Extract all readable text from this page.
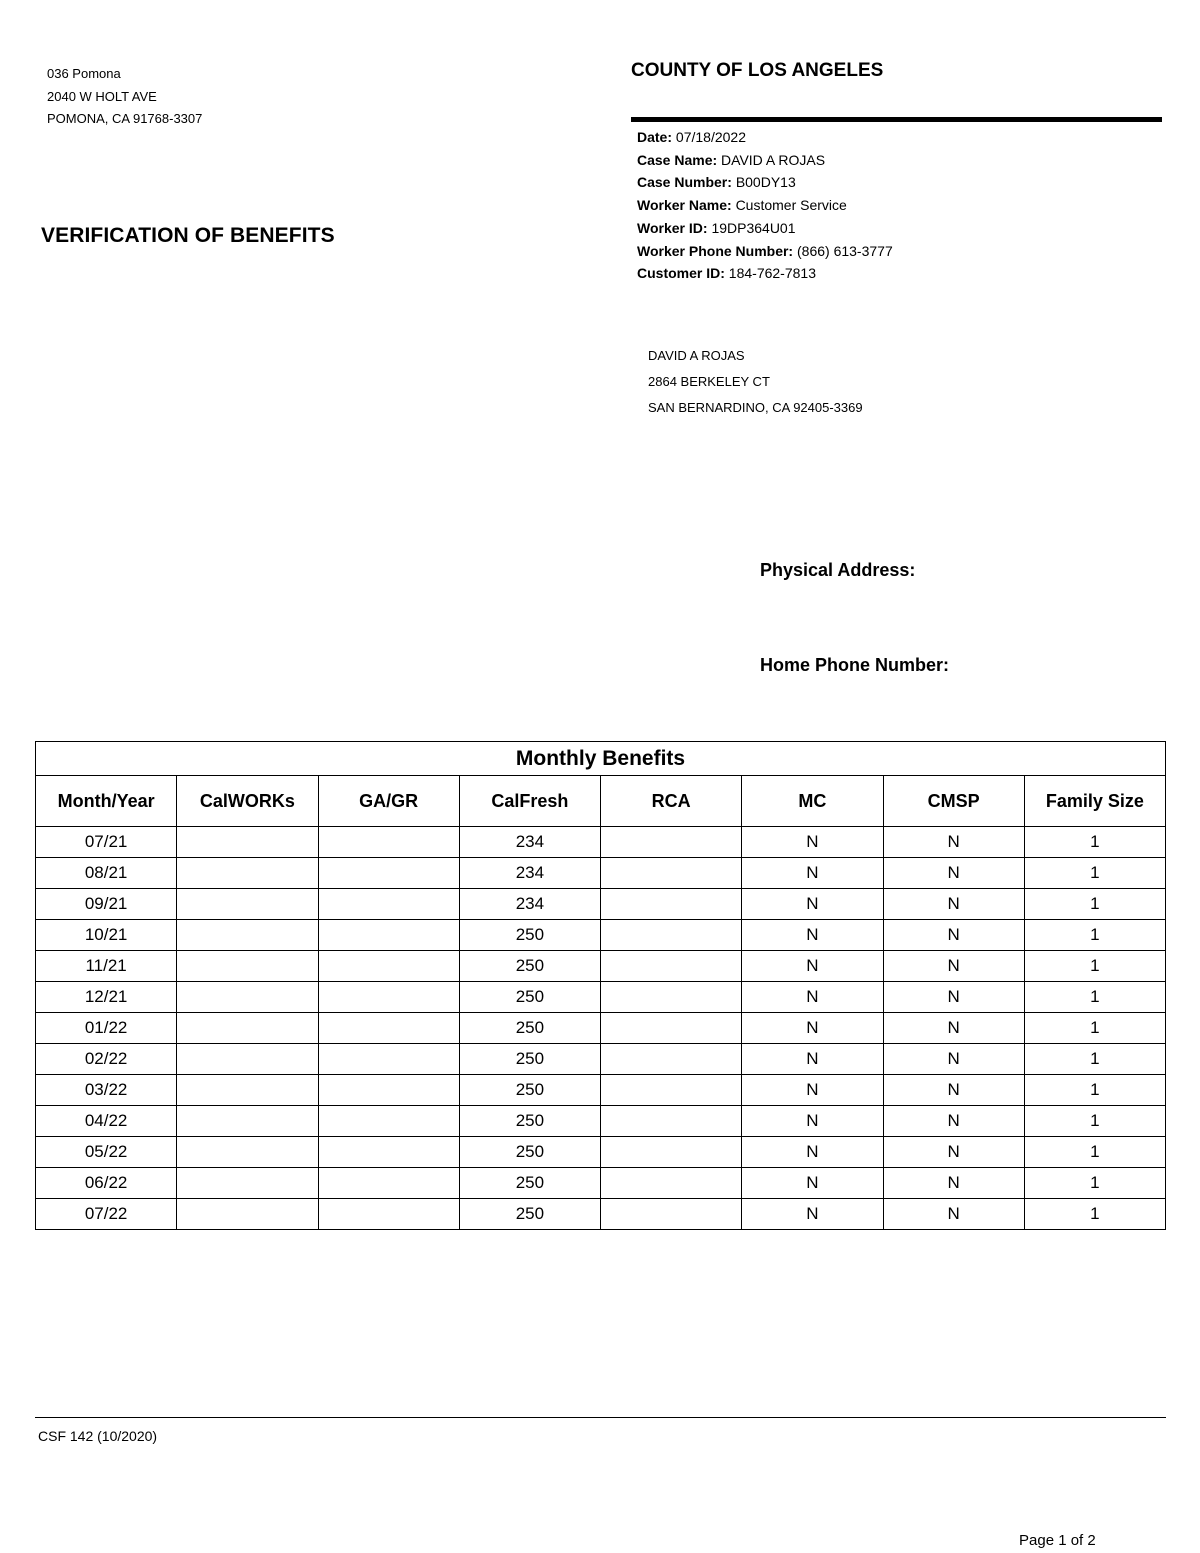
036 Pomona
2040 W HOLT AVE
POMONA, CA 91768-3307
VERIFICATION OF BENEFITS
COUNTY OF LOS ANGELES
Date: 07/18/2022
Case Name: DAVID A ROJAS
Case Number: B00DY13
Worker Name: Customer Service
Worker ID: 19DP364U01
Worker Phone Number: (866) 613-3777
Customer ID: 184-762-7813
DAVID A ROJAS
2864 BERKELEY CT
SAN BERNARDINO, CA 92405-3369
Physical Address:
Home Phone Number:
Monthly Benefits							
Month/Year	CalWORKs	GA/GR	CalFresh	RCA	MC	CMSP	Family Size
07/21			234		N	N	1
08/21			234		N	N	1
09/21			234		N	N	1
10/21			250		N	N	1
11/21			250		N	N	1
12/21			250		N	N	1
01/22			250		N	N	1
02/22			250		N	N	1
03/22			250		N	N	1
04/22			250		N	N	1
05/22			250		N	N	1
06/22			250		N	N	1
07/22			250		N	N	1
CSF 142 (10/2020)
Page 1 of 2
